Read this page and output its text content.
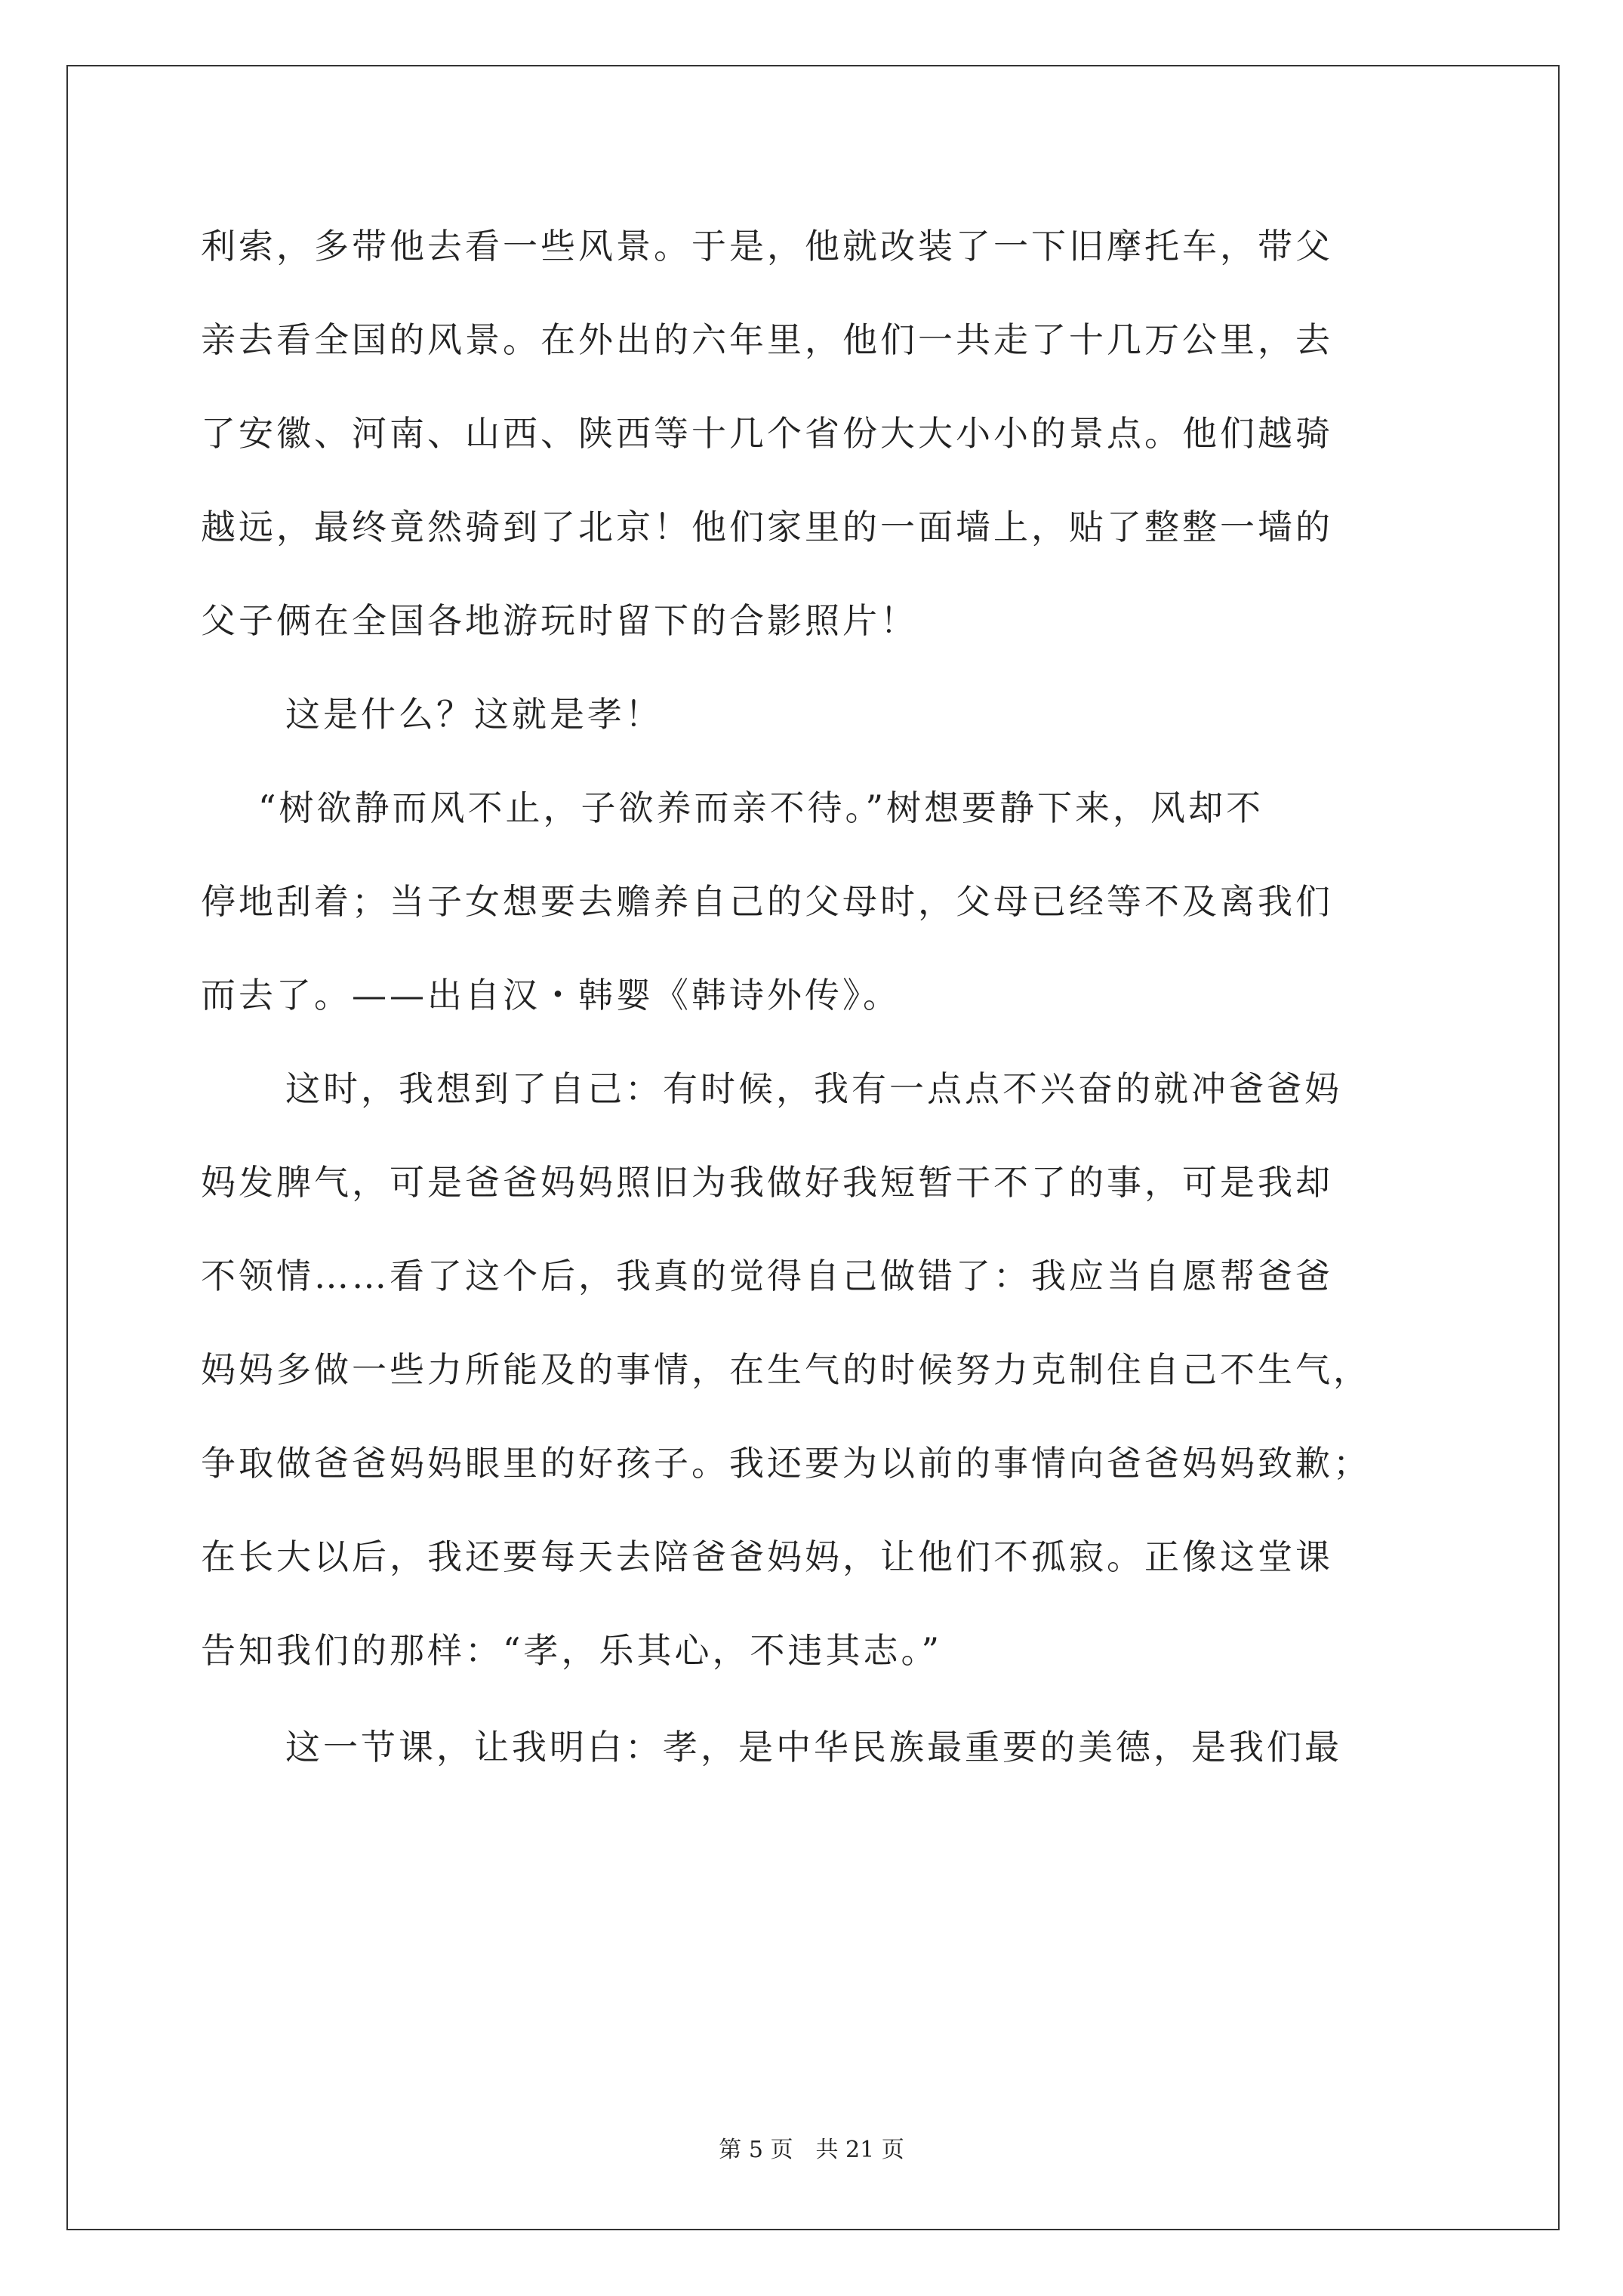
利索，多带他去看一些风景。于是，他就改装了一下旧摩托车，带父
亲去看全国的风景。在外出的六年里，他们一共走了十几万公里，去
了安徽、河南、山西、陕西等十几个省份大大小小的景点。他们越骑
越远，最终竟然骑到了北京！他们家里的一面墙上，贴了整整一墙的
父子俩在全国各地游玩时留下的合影照片！
这是什么？这就是孝！
“树欲静而风不止，子欲养而亲不待。”树想要静下来，风却不
停地刮着；当子女想要去赡养自己的父母时，父母已经等不及离我们
而去了。——出自汉・韩婴《韩诗外传》。
这时，我想到了自己：有时候，我有一点点不兴奋的就冲爸爸妈
妈发脾气，可是爸爸妈妈照旧为我做好我短暂干不了的事，可是我却
不领情……看了这个后，我真的觉得自己做错了：我应当自愿帮爸爸
妈妈多做一些力所能及的事情，在生气的时候努力克制住自己不生气，
争取做爸爸妈妈眼里的好孩子。我还要为以前的事情向爸爸妈妈致歉；
在长大以后，我还要每天去陪爸爸妈妈，让他们不孤寂。正像这堂课
告知我们的那样：“孝，乐其心，不违其志。”
这一节课，让我明白：孝，是中华民族最重要的美德，是我们最
第 5 页　共 21 页
